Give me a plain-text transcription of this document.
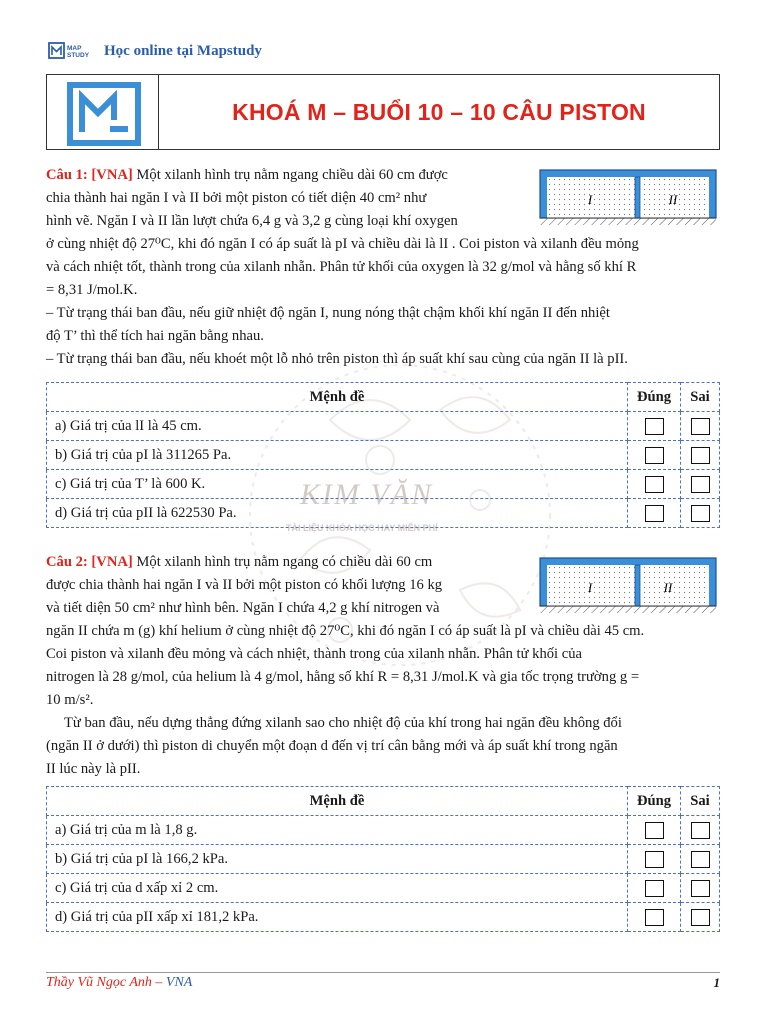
MAP
STUDY Học online tại Mapstudy
KHOÁ M – BUỔI 10 – 10 CÂU PISTON
KIM VĂN
TÀI LIỆU KHÓA HỌC HAY MIỄN PHÍ
Câu 1: [VNA] Một xilanh hình trụ nằm ngang chiều dài 60 cm được
chia thành hai ngăn I và II bởi một piston có tiết diện 40 cm² như
hình vẽ. Ngăn I và II lần lượt chứa 6,4 g và 3,2 g cùng loại khí oxygen
ở cùng nhiệt độ 27⁰C, khi đó ngăn I có áp suất là pI và chiều dài là lI . Coi piston và xilanh đều mỏng
và cách nhiệt tốt, thành trong của xilanh nhẵn. Phân tử khối của oxygen là 32 g/mol và hằng số khí R
= 8,31 J/mol.K.
– Từ trạng thái ban đầu, nếu giữ nhiệt độ ngăn I, nung nóng thật chậm khối khí ngăn II đến nhiệt
độ T’ thì thể tích hai ngăn bằng nhau.
– Từ trạng thái ban đầu, nếu khoét một lỗ nhỏ trên piston thì áp suất khí sau cùng của ngăn II là pII.
I	II
Mệnh đề	Đúng	Sai
a) Giá trị của lI là 45 cm.		
b) Giá trị của pI là 311265 Pa.		
c) Giá trị của T’ là 600 K.		
d) Giá trị của pII là 622530 Pa.		
Câu 2: [VNA] Một xilanh hình trụ nằm ngang có chiều dài 60 cm
được chia thành hai ngăn I và II bởi một piston có khối lượng 16 kg
và tiết diện 50 cm² như hình bên. Ngăn I chứa 4,2 g khí nitrogen và
ngăn II chứa m (g) khí helium ở cùng nhiệt độ 27⁰C, khi đó ngăn I có áp suất là pI và chiều dài 45 cm.
Coi piston và xilanh đều mỏng và cách nhiệt, thành trong của xilanh nhẵn. Phân tử khối của
nitrogen là 28 g/mol, của helium là 4 g/mol, hằng số khí R = 8,31 J/mol.K và gia tốc trọng trường g =
10 m/s².
Từ ban đầu, nếu dựng thẳng đứng xilanh sao cho nhiệt độ của khí trong hai ngăn đều không đổi
(ngăn II ở dưới) thì piston di chuyển một đoạn d đến vị trí cân bằng mới và áp suất khí trong ngăn
II lúc này là pII.
I	II
Mệnh đề	Đúng	Sai
a) Giá trị của m là 1,8 g.		
b) Giá trị của pI là 166,2 kPa.		
c) Giá trị của d xấp xỉ 2 cm.		
d) Giá trị của pII xấp xỉ 181,2 kPa.		
Thầy Vũ Ngọc Anh – VNA	1
